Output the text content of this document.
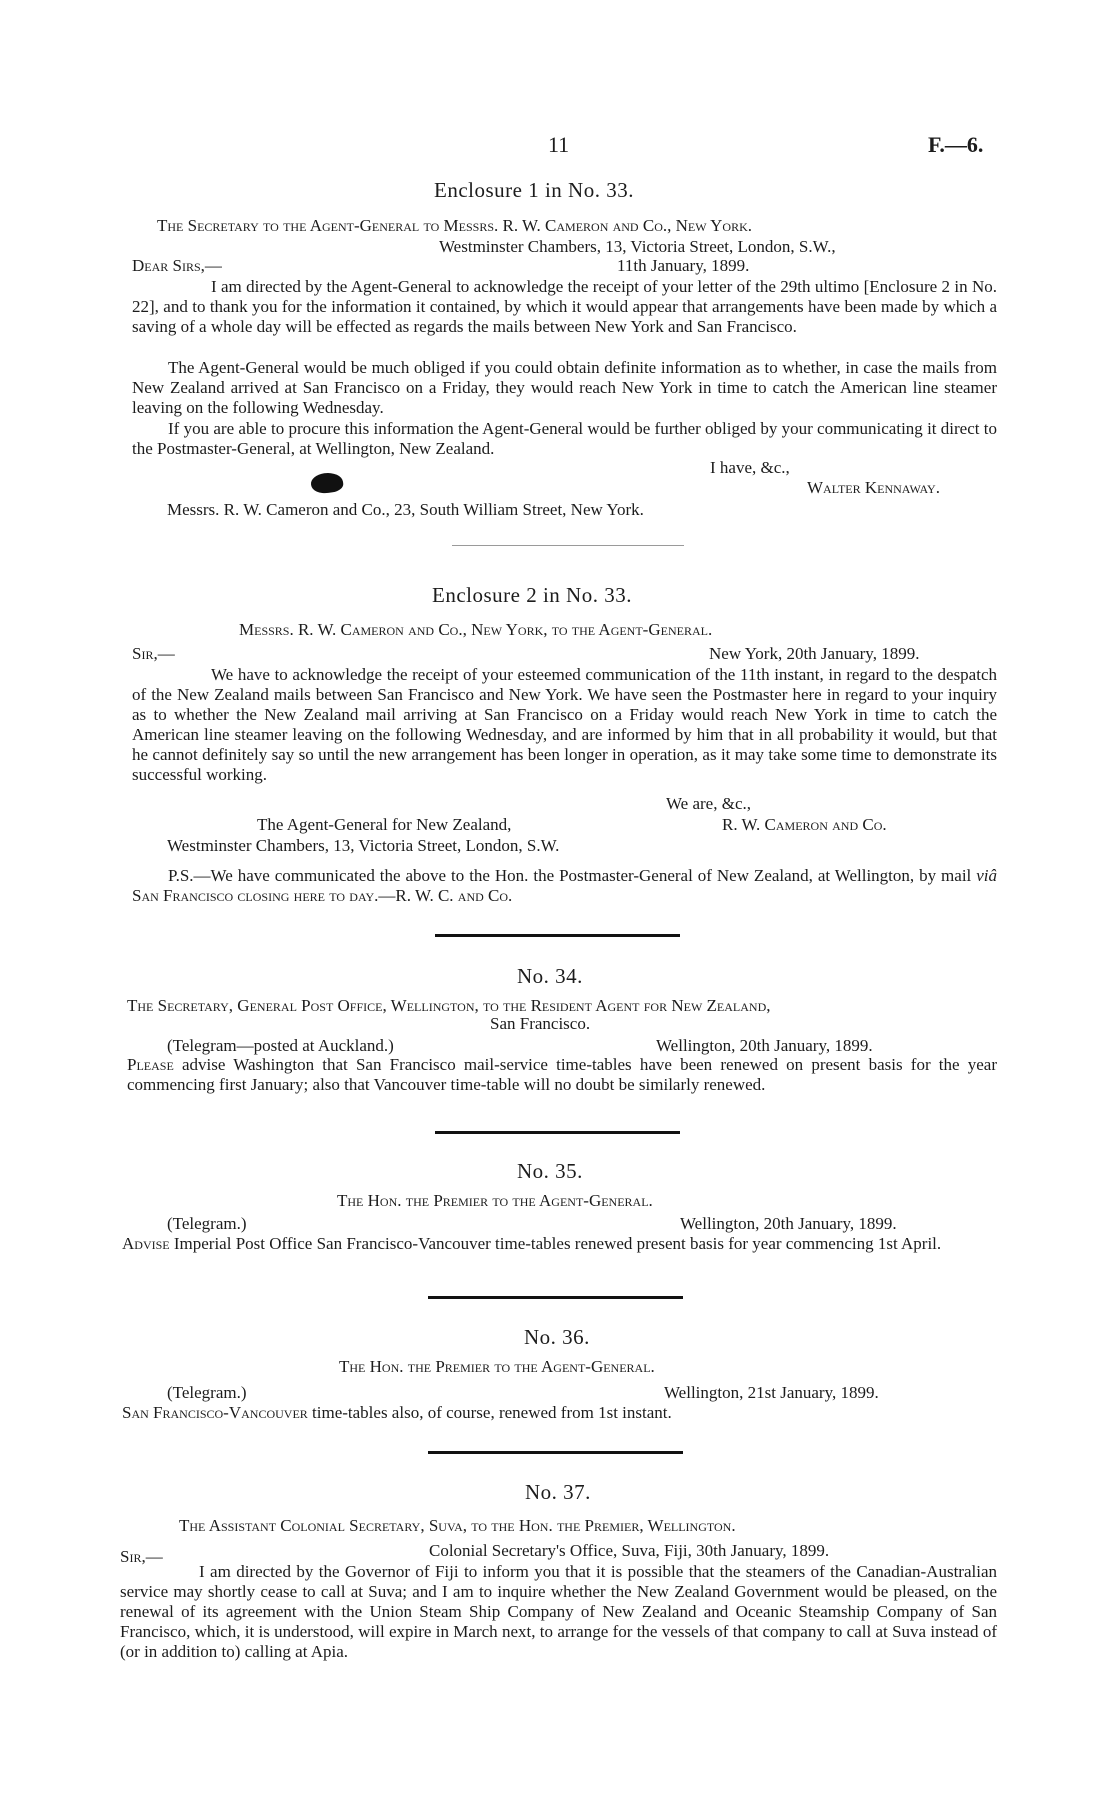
11	F.—6.
Enclosure 1 in No. 33.
The Secretary to the Agent-General to Messrs. R. W. Cameron and Co., New York.
Westminster Chambers, 13, Victoria Street, London, S.W.,
Dear Sirs,—	11th January, 1899.
I am directed by the Agent-General to acknowledge the receipt of your letter of the 29th ultimo [Enclosure 2 in No. 22], and to thank you for the information it contained, by which it would appear that arrangements have been made by which a saving of a whole day will be effected as regards the mails between New York and San Francisco.
The Agent-General would be much obliged if you could obtain definite information as to whether, in case the mails from New Zealand arrived at San Francisco on a Friday, they would reach New York in time to catch the American line steamer leaving on the following Wednesday.
If you are able to procure this information the Agent-General would be further obliged by your communicating it direct to the Postmaster-General, at Wellington, New Zealand.
I have, &c.,
Walter Kennaway.
Messrs. R. W. Cameron and Co., 23, South William Street, New York.
Enclosure 2 in No. 33.
Messrs. R. W. Cameron and Co., New York, to the Agent-General.
Sir,—	New York, 20th January, 1899.
We have to acknowledge the receipt of your esteemed communication of the 11th instant, in regard to the despatch of the New Zealand mails between San Francisco and New York. We have seen the Postmaster here in regard to your inquiry as to whether the New Zealand mail arriving at San Francisco on a Friday would reach New York in time to catch the American line steamer leaving on the following Wednesday, and are informed by him that in all probability it would, but that he cannot definitely say so until the new arrangement has been longer in operation, as it may take some time to demonstrate its successful working.
We are, &c.,
The Agent-General for New Zealand,	R. W. Cameron and Co.
Westminster Chambers, 13, Victoria Street, London, S.W.
P.S.—We have communicated the above to the Hon. the Postmaster-General of New Zealand, at Wellington, by mail viâ San Francisco closing here to day.—R. W. C. and Co.
No. 34.
The Secretary, General Post Office, Wellington, to the Resident Agent for New Zealand,
San Francisco.
(Telegram—posted at Auckland.)	Wellington, 20th January, 1899.
Please advise Washington that San Francisco mail-service time-tables have been renewed on present basis for the year commencing first January; also that Vancouver time-table will no doubt be similarly renewed.
No. 35.
The Hon. the Premier to the Agent-General.
(Telegram.)	Wellington, 20th January, 1899.
Advise Imperial Post Office San Francisco-Vancouver time-tables renewed present basis for year commencing 1st April.
No. 36.
The Hon. the Premier to the Agent-General.
(Telegram.)	Wellington, 21st January, 1899.
San Francisco-Vancouver time-tables also, of course, renewed from 1st instant.
No. 37.
The Assistant Colonial Secretary, Suva, to the Hon. the Premier, Wellington.
Sir,—	Colonial Secretary's Office, Suva, Fiji, 30th January, 1899.
I am directed by the Governor of Fiji to inform you that it is possible that the steamers of the Canadian-Australian service may shortly cease to call at Suva; and I am to inquire whether the New Zealand Government would be pleased, on the renewal of its agreement with the Union Steam Ship Company of New Zealand and Oceanic Steamship Company of San Francisco, which, it is understood, will expire in March next, to arrange for the vessels of that company to call at Suva instead of (or in addition to) calling at Apia.
